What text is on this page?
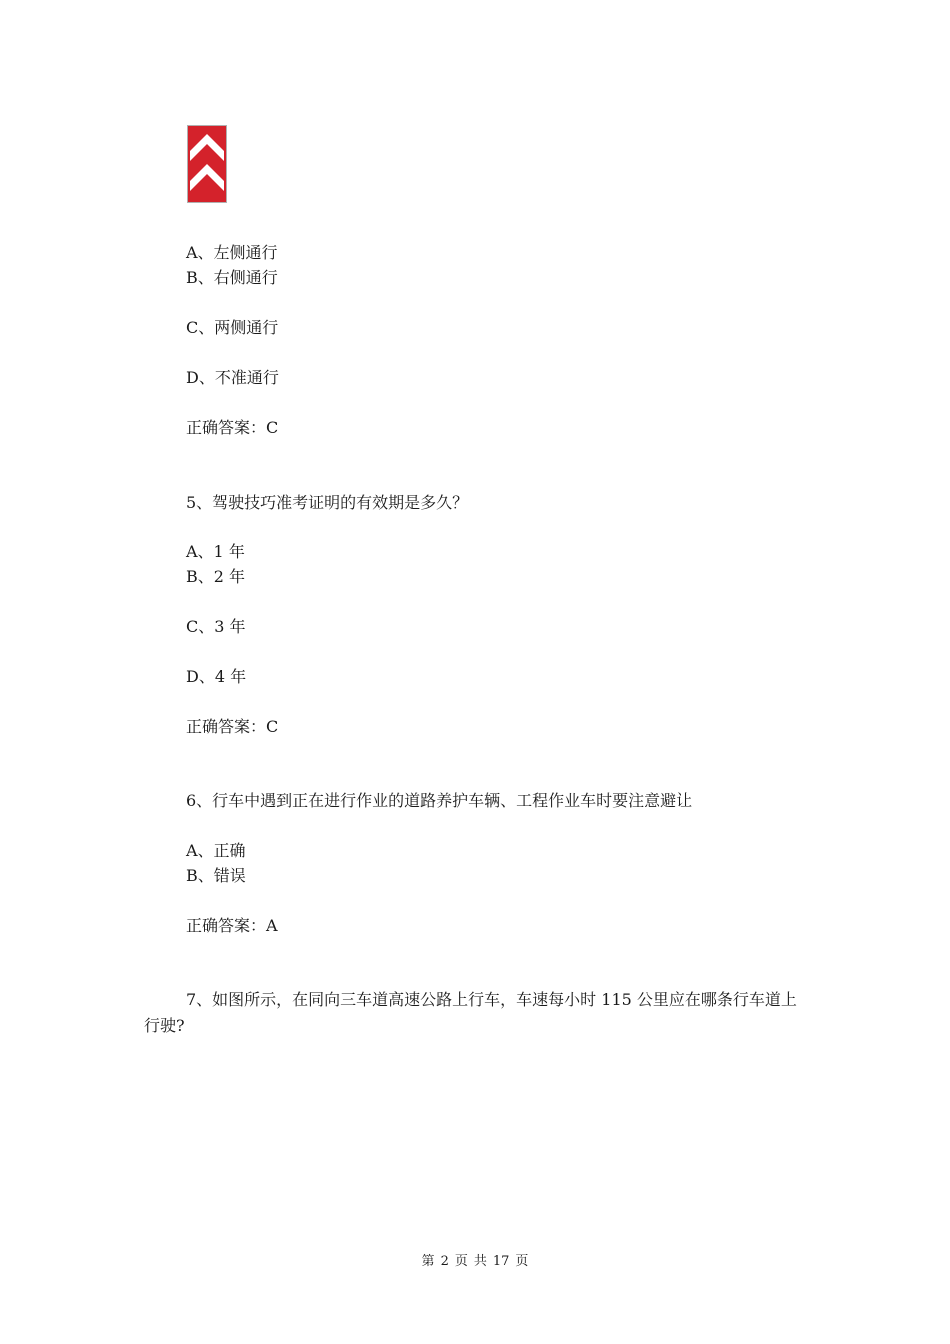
A、左侧通行
B、右侧通行
C、两侧通行
D、不准通行
正确答案：C
5、驾驶技巧准考证明的有效期是多久？
A、1 年
B、2 年
C、3 年
D、4 年
正确答案：C
6、行车中遇到正在进行作业的道路养护车辆、工程作业车时要注意避让
A、正确
B、错误
正确答案：A
7、如图所示，在同向三车道高速公路上行车，车速每小时 115 公里应在哪条行车道上
行驶?
第 2 页 共 17 页
